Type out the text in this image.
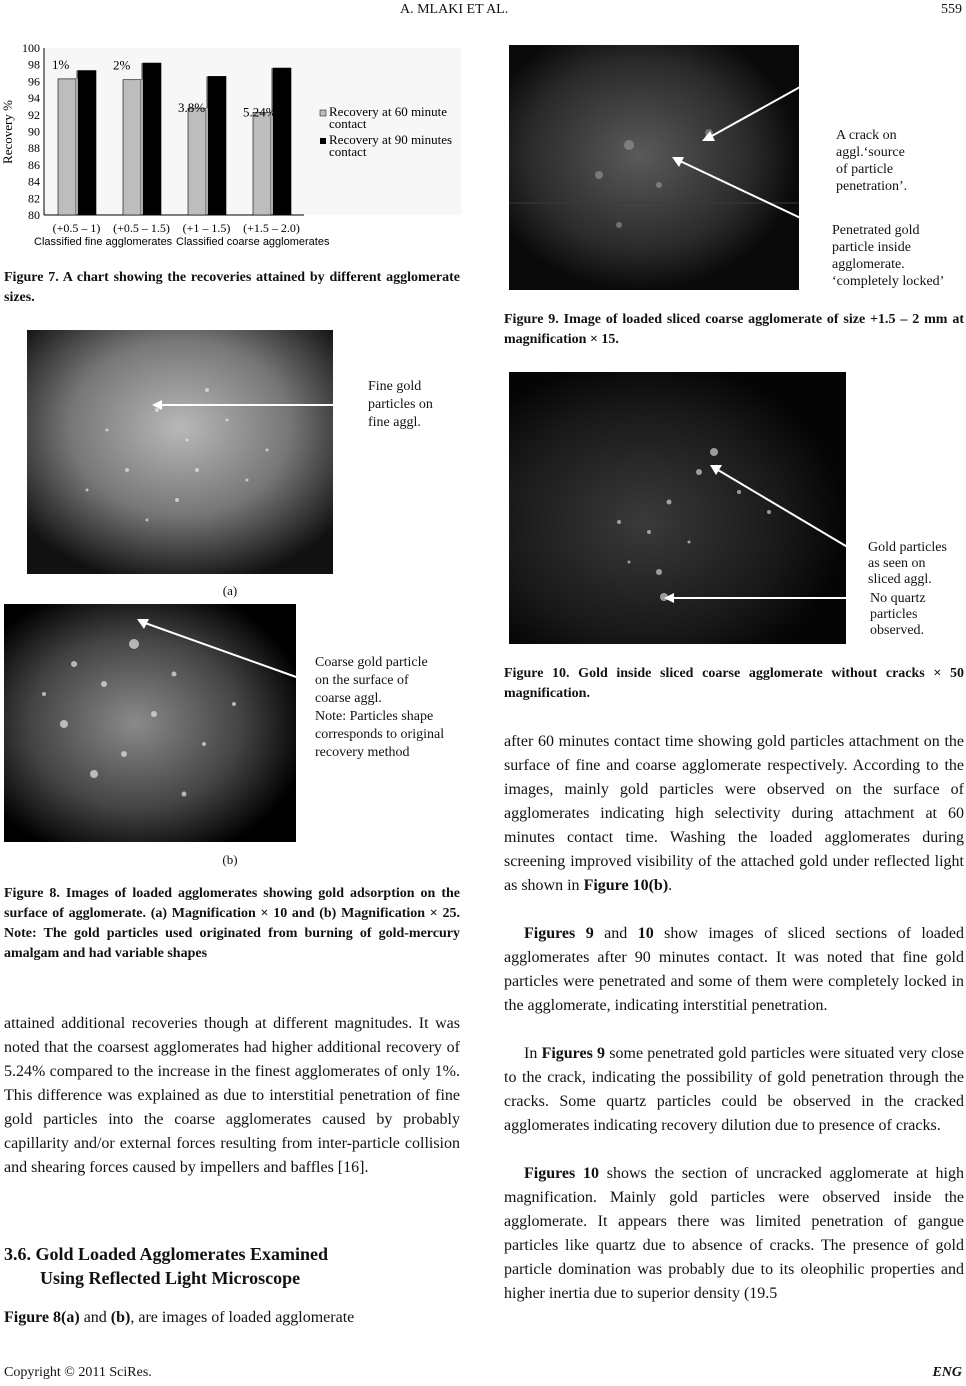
A. MLAKI ET AL.	559
100
98
96
94
92
90
88
86
84
82
80
1%	2%
3.8%	5.24%
(+0.5 – 1) (+0.5 – 1.5) (+1 – 1.5) (+1.5 – 2.0)
Recovery %
Classified fine agglomerates Classified coarse agglomerates
Recovery at 60 minute
contact
Recovery at 90 minutes
contact
Figure 7. A chart showing the recoveries attained by different agglomerate sizes.
Fine gold
particles on
fine aggl.
(a)
Coarse gold particle
on the surface of
coarse aggl.
Note: Particles shape
corresponds to original
recovery method
(b)
Figure 8. Images of loaded agglomerates showing gold adsorption on the surface of agglomerate. (a) Magnification × 10 and (b) Magnification × 25. Note: The gold particles used originated from burning of gold-mercury amalgam and had variable shapes
attained additional recoveries though at different magnitudes. It was noted that the coarsest agglomerates had higher additional recovery of 5.24% compared to the increase in the finest agglomerates of only 1%. This difference was explained as due to interstitial penetration of fine gold particles into the coarse agglomerates caused by probably capillarity and/or external forces resulting from inter-particle collision and shearing forces caused by impellers and baffles [16].
3.6. Gold Loaded Agglomerates Examined
Using Reflected Light Microscope
Figure 8(a) and (b), are images of loaded agglomerate
A crack on
aggl.‘source
of particle
penetration’.
Penetrated gold
particle inside
agglomerate.
‘completely locked’
Figure 9. Image of loaded sliced coarse agglomerate of size +1.5 – 2 mm at magnification × 15.
Gold particles
as seen on
sliced aggl.
No quartz
particles
observed.
Figure 10. Gold inside sliced coarse agglomerate without cracks × 50 magnification.
after 60 minutes contact time showing gold particles attachment on the surface of fine and coarse agglomerate respectively. According to the images, mainly gold particles were observed on the surface of agglomerates indicating high selectivity during attachment at 60 minutes contact time. Washing the loaded agglomerates during screening improved visibility of the attached gold under reflected light as shown in Figure 10(b).
Figures 9 and 10 show images of sliced sections of loaded agglomerates after 90 minutes contact. It was noted that fine gold particles were penetrated and some of them were completely locked in the agglomerate, indicating interstitial penetration.
In Figures 9 some penetrated gold particles were situated very close to the crack, indicating the possibility of gold penetration through the cracks. Some quartz particles could be observed in the cracked agglomerates indicating recovery dilution due to presence of cracks.
Figures 10 shows the section of uncracked agglomerate at high magnification. Mainly gold particles were observed inside the agglomerate. It appears there was limited penetration of gangue particles like quartz due to absence of cracks. The presence of gold particle domination was probably due to its oleophilic properties and higher inertia due to superior density (19.5
Copyright © 2011 SciRes.	ENG
